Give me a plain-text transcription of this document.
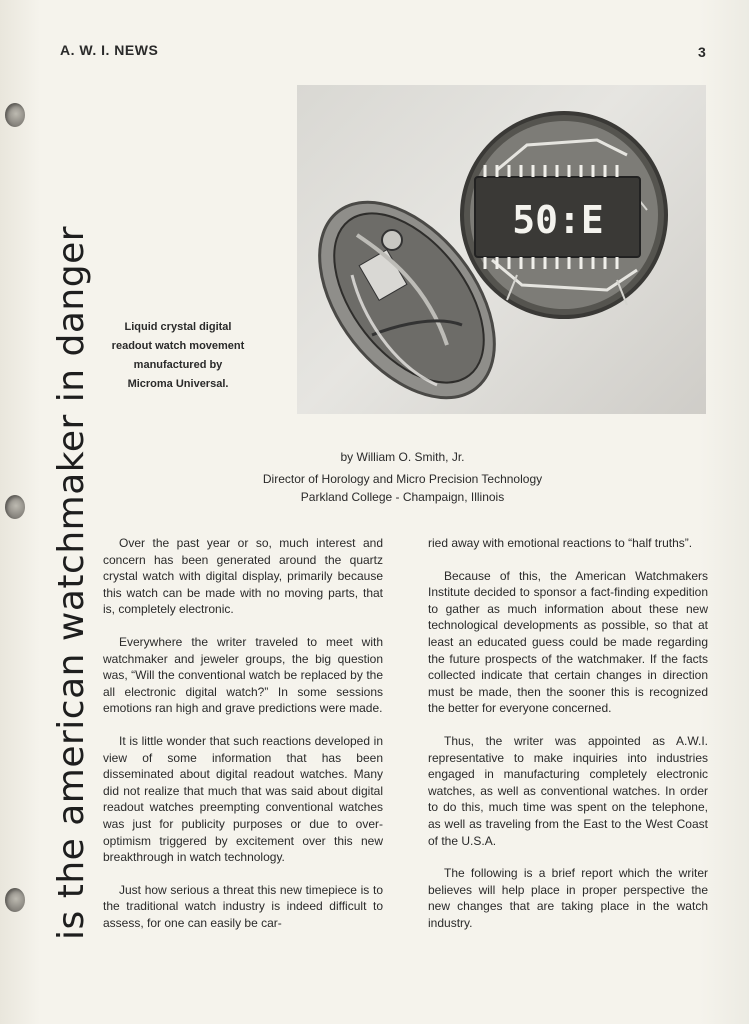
A. W. I. NEWS	3
is the american watchmaker in danger
50:E
Liquid crystal digital
readout watch movement
manufactured by
Microma Universal.
by William O. Smith, Jr.
Director of Horology and Micro Precision Technology
Parkland College - Champaign, Illinois

Over the past year or so, much interest and concern has been generated around the quartz crystal watch with digital display, primarily because this watch can be made with no moving parts, that is, completely electronic.

Everywhere the writer traveled to meet with watchmaker and jeweler groups, the big question was, “Will the conventional watch be replaced by the all electronic digital watch?” In some sessions emotions ran high and grave predictions were made.

It is little wonder that such reactions developed in view of some information that has been disseminated about digital readout watches. Many did not realize that much that was said about digital readout watches preempting conventional watches was just for publicity purposes or due to over-optimism triggered by excitement over this new breakthrough in watch technology.

Just how serious a threat this new timepiece is to the traditional watch industry is indeed difficult to assess, for one can easily be car-

ried away with emotional reactions to “half truths”.

Because of this, the American Watchmakers Institute decided to sponsor a fact-finding expedition to gather as much information about these new technological developments as possible, so that at least an educated guess could be made regarding the future prospects of the watchmaker. If the facts collected indicate that certain changes in direction must be made, then the sooner this is recognized the better for everyone concerned.

Thus, the writer was appointed as A.W.I. representative to make inquiries into industries engaged in manufacturing completely electronic watches, as well as conventional watches. In order to do this, much time was spent on the telephone, as well as traveling from the East to the West Coast of the U.S.A.

The following is a brief report which the writer believes will help place in proper perspective the new changes that are taking place in the watch industry.
